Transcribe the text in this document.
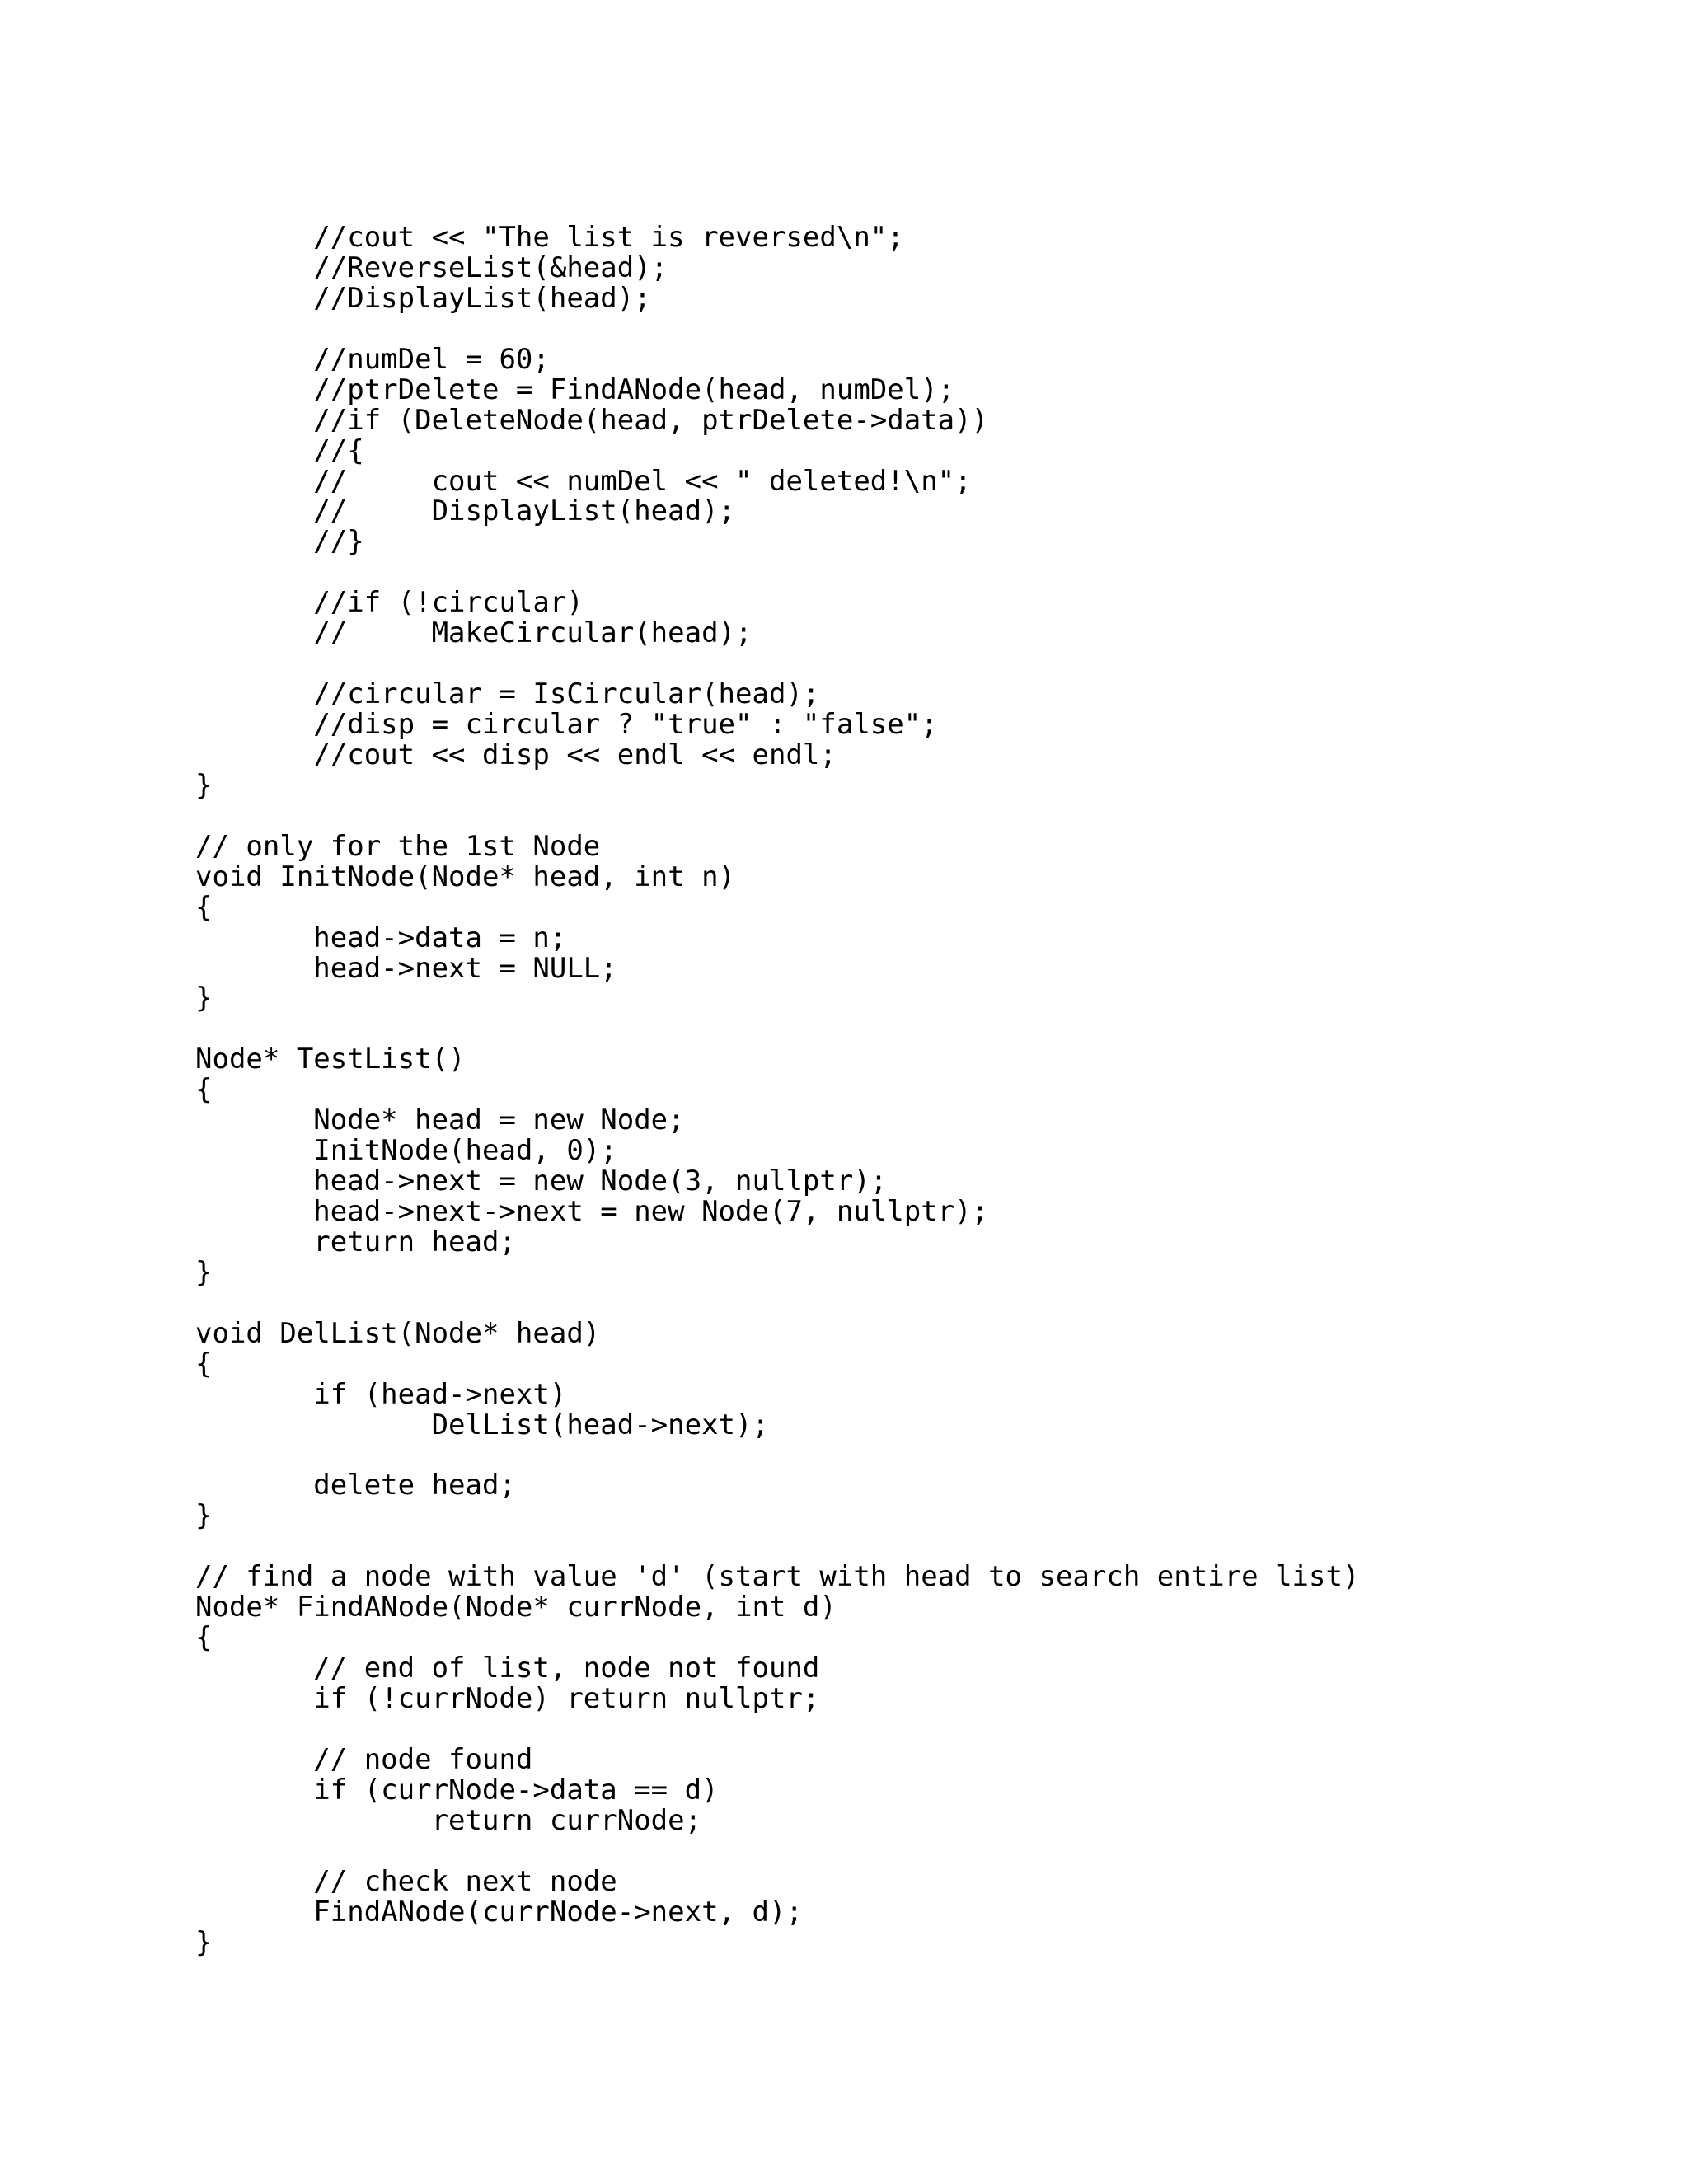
//cout << "The list is reversed\n";
//ReverseList(&head);
//DisplayList(head);
//numDel = 60;
//ptrDelete = FindANode(head, numDel);
//if (DeleteNode(head, ptrDelete->data))
//{
//     cout << numDel << " deleted!\n";
//     DisplayList(head);
//}
//if (!circular)
//     MakeCircular(head);
//circular = IsCircular(head);
//disp = circular ? "true" : "false";
//cout << disp << endl << endl;
}
// only for the 1st Node
void InitNode(Node* head, int n)
{
head->data = n;
head->next = NULL;
}
Node* TestList()
{
Node* head = new Node;
InitNode(head, 0);
head->next = new Node(3, nullptr);
head->next->next = new Node(7, nullptr);
return head;
}
void DelList(Node* head)
{
if (head->next)
DelList(head->next);
delete head;
}
// find a node with value 'd' (start with head to search entire list)
Node* FindANode(Node* currNode, int d)
{
// end of list, node not found
if (!currNode) return nullptr;
// node found
if (currNode->data == d)
return currNode;
// check next node
FindANode(currNode->next, d);
}
